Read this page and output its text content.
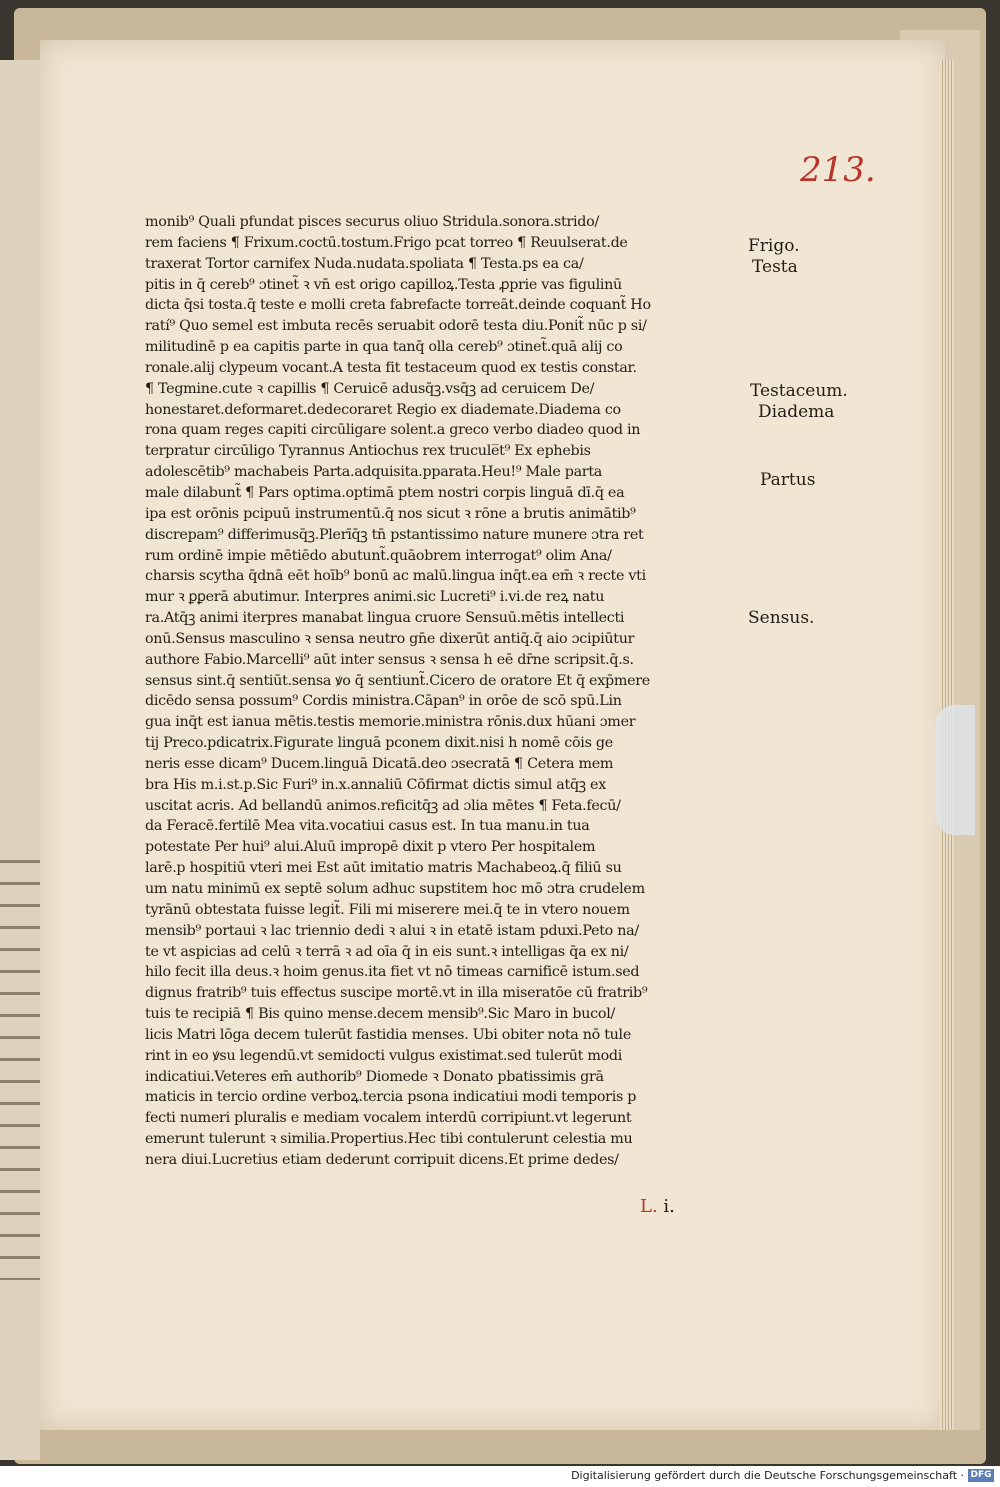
213.
monib⁹ Quali pfundat pisces securus oliuo Stridula.sonora.strido/
rem faciens ¶ Frixum.coctū.tostum.Frigo pcat torreo ¶ Reuulserat.de
traxerat Tortor carnifex Nuda.nudata.spoliata ¶ Testa.ps ea ca/
pitis in q̄ cereb⁹ ɔtinet̃ ꝛ vn̄ est origo capilloꝝ.Testa ꝓprie vas figulinū
dicta q̄si tosta.q̄ teste e molli creta fabrefacte torreāt.deinde coquant̃ Ho
ratí⁹ Quo semel est imbuta recēs seruabit odorē testa diu.Ponit̃ nūc p si/
militudinē p ea capitis parte in qua tanq̄ olla cereb⁹ ɔtinet̃.quā alij co
ronale.alij clypeum vocant.A testa fit testaceum quod ex testis constar.
¶ Tegmine.cute ꝛ capillis ¶ Ceruicē adusq̄ꝫ.vsq̄ꝫ ad ceruicem De/
honestaret.deformaret.dedecoraret Regio ex diademate.Diadema co
rona quam reges capiti circūligare solent.a greco verbo diadeo quod in
terpratur circūligo Tyrannus Antiochus rex trucule̅t⁹ Ex ephebis
adolescētib⁹ machabeis Parta.adquisita.pparata.Heu!⁹ Male parta
male dilabunt̃ ¶ Pars optima.optimā ptem nostri corpis linguā dī.q̄ ea
ipa est orōnis pcipuū instrumentū.q̄ nos sicut ꝛ rōne a brutis animātib⁹
discrepam⁹ differimusq̄ꝫ.Plerīq̄ꝫ tn̄ pstantissimo nature munere ɔtra ret
rum ordinē impie mētiēdo abutunt̃.quāobrem interrogat⁹ olim Ana/
charsis scytha q̄dnā eēt hoīb⁹ bonū ac malū.lingua inq̄t.ea em̄ ꝛ recte vti
mur ꝛ ꝑꝑerā abutimur. Interpres animi.sic Lucreti⁹ i.vi.de reꝝ natu
ra.Atq̄ꝫ animi iterpres manabat lingua cruore Sensuū.mētis intellecti
onū.Sensus masculino ꝛ sensa neutro gn̄e dixerūt antiq̄.q̄ aio ɔcipiūtur
authore Fabio.Marcelli⁹ aūt inter sensus ꝛ sensa h eē dr̄ne scripsit.q̄.s.
sensus sint.q̄ sentiūt.sensa ꝟo q̄ sentiunt̃.Cicero de oratore Et q̄ exp̄mere
dicēdo sensa possum⁹ Cordis ministra.Cāpan⁹ in orōe de scō spū.Lin
gua inq̄t est ianua mētis.testis memorie.ministra rōnis.dux hūani ɔmer
tij Preco.pdicatrix.Figurate linguā pconem dixit.nisi h nomē cōis ge
neris esse dicam⁹ Ducem.linguā Dicatā.deo ɔsecratā ¶ Cetera mem
bra His m.i.st.p.Sic Furi⁹ in.x.annaliū Cōfirmat dictis simul atq̄ꝫ ex
uscitat acris. Ad bellandū animos.reficitq̄ꝫ ad ɔlia mētes ¶ Feta.fecū/
da Feracē.fertilē Mea vita.vocatiui casus est. In tua manu.in tua
potestate Per hui⁹ alui.Aluū impropē dixit p vtero Per hospitalem
larē.p hospitiū vteri mei Est aūt imitatio matris Machabeoꝝ.q̄ filiū su
um natu minimū ex septē solum adhuc supstitem hoc mō ɔtra crudelem
tyrānū obtestata fuisse legit̃. Fili mi miserere mei.q̄ te in vtero nouem
mensib⁹ portaui ꝛ lac triennio dedi ꝛ alui ꝛ in etatē istam pduxi.Peto na/
te vt aspicias ad celū ꝛ terrā ꝛ ad oīa q̄ in eis sunt.ꝛ intelligas q̄a ex ni/
hilo fecit illa deus.ꝛ hoim genus.ita fiet vt nō timeas carnificē istum.sed
dignus fratrib⁹ tuis effectus suscipe mortē.vt in illa miseratōe cū fratrib⁹
tuis te recipiā ¶ Bis quino mense.decem mensib⁹.Sic Maro in bucol/
licis Matri lōga decem tulerūt fastidia menses. Ubi obiter nota nō tule
rint in eo ꝟsu legendū.vt semidocti vulgus existimat.sed tulerūt modi
indicatiui.Veteres em̄ authorib⁹ Diomede ꝛ Donato pbatissimis grā
maticis in tercio ordine verboꝝ.tercia psona indicatiui modi temporis p
fecti numeri pluralis e mediam vocalem interdū corripiunt.vt legerunt
emerunt tulerunt ꝛ similia.Propertius.Hec tibi contulerunt celestia mu
nera diui.Lucretius etiam dederunt corripuit dicens.Et prime dedes/
Frigo.
Testa
Testaceum.
Diadema
Partus
Sensus.
L. i.
Digitalisierung gefördert durch die Deutsche Forschungsgemeinschaft · DFG
